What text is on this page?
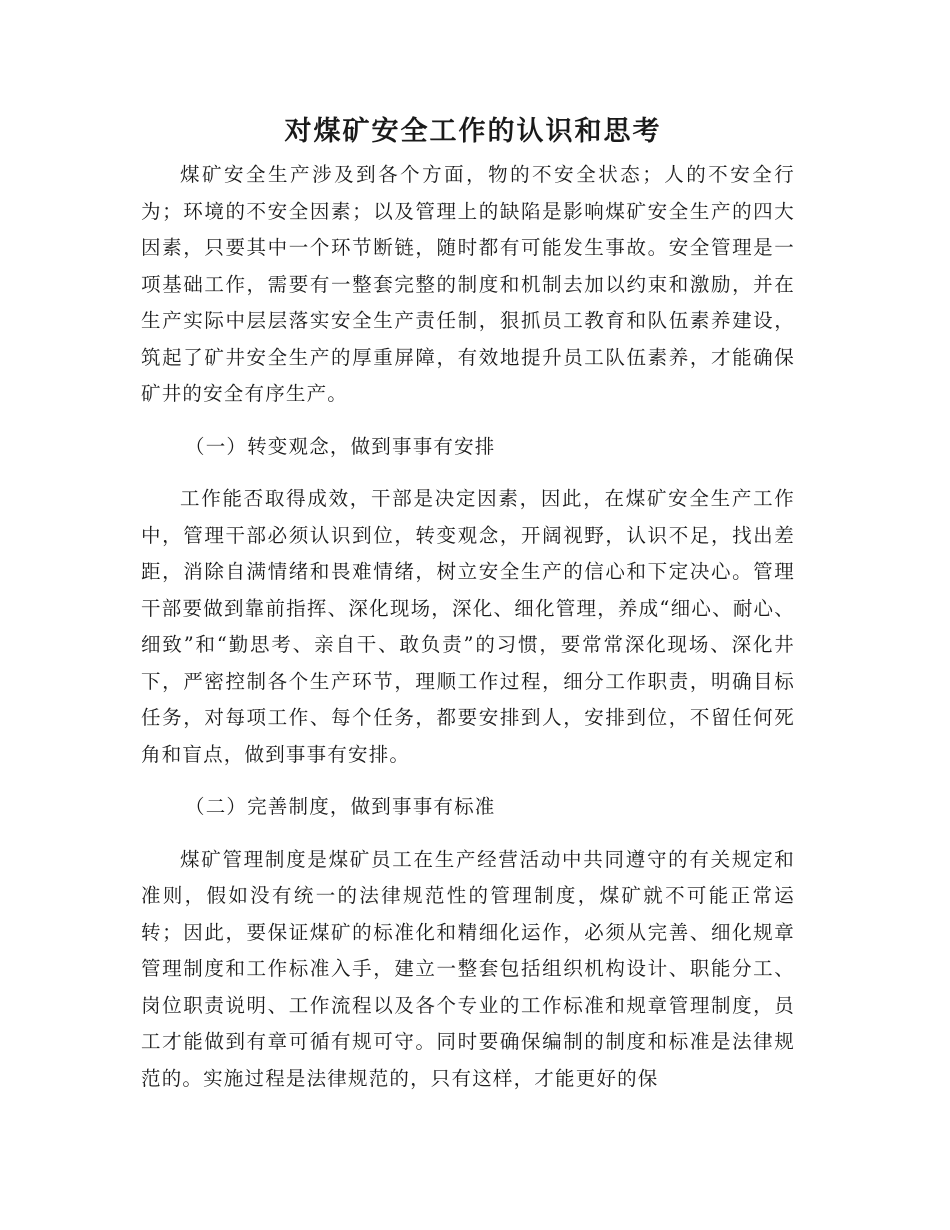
对煤矿安全工作的认识和思考

煤矿安全生产涉及到各个方面，物的不安全状态；人的不安全行为；环境的不安全因素；以及管理上的缺陷是影响煤矿安全生产的四大因素，只要其中一个环节断链，随时都有可能发生事故。安全管理是一项基础工作，需要有一整套完整的制度和机制去加以约束和激励，并在生产实际中层层落实安全生产责任制，狠抓员工教育和队伍素养建设，筑起了矿井安全生产的厚重屏障，有效地提升员工队伍素养，才能确保矿井的安全有序生产。

（一）转变观念，做到事事有安排

工作能否取得成效，干部是决定因素，因此，在煤矿安全生产工作中，管理干部必须认识到位，转变观念，开阔视野，认识不足，找出差距，消除自满情绪和畏难情绪，树立安全生产的信心和下定决心。管理干部要做到靠前指挥、深化现场，深化、细化管理，养成“细心、耐心、细致”和“勤思考、亲自干、敢负责”的习惯，要常常深化现场、深化井下，严密控制各个生产环节，理顺工作过程，细分工作职责，明确目标任务，对每项工作、每个任务，都要安排到人，安排到位，不留任何死角和盲点，做到事事有安排。

（二）完善制度，做到事事有标准

煤矿管理制度是煤矿员工在生产经营活动中共同遵守的有关规定和准则，假如没有统一的法律规范性的管理制度，煤矿就不可能正常运转；因此，要保证煤矿的标准化和精细化运作，必须从完善、细化规章管理制度和工作标准入手，建立一整套包括组织机构设计、职能分工、岗位职责说明、工作流程以及各个专业的工作标准和规章管理制度，员工才能做到有章可循有规可守。同时要确保编制的制度和标准是法律规范的。实施过程是法律规范的，只有这样，才能更好的保
